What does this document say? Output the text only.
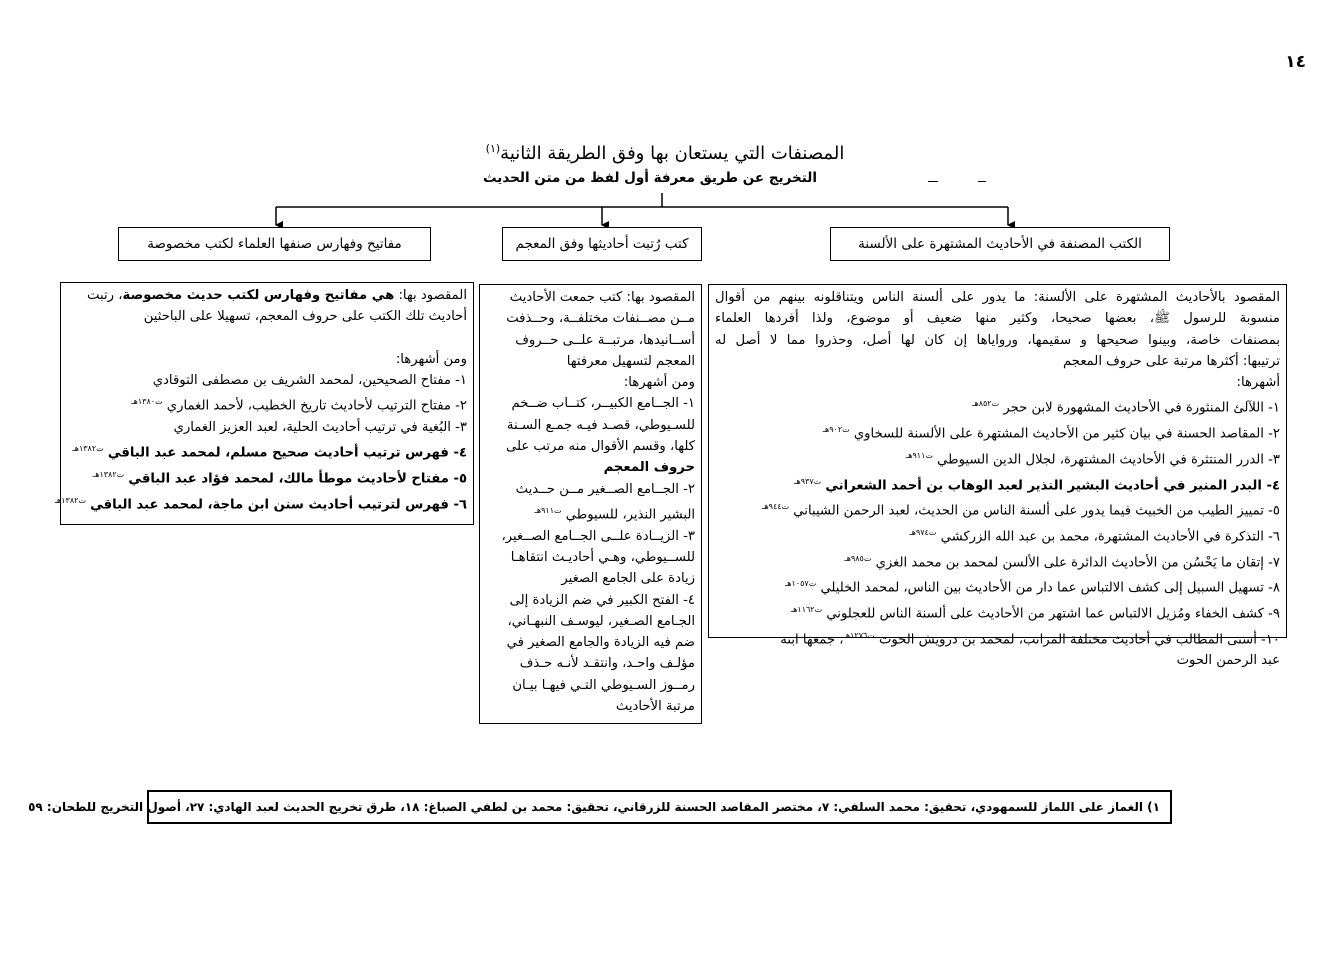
١٤
المصنفات التي يستعان بها وفق الطريقة الثانية$^{(١)}$
التخريج عن طريق معرفة أول لفظ من متن الحديث
الكتب المصنفة في الأحاديث المشتهرة على الألسنة
كتب رُتبت أحاديثها وفق المعجم
مفاتيح وفهارس صنفها العلماء لكتب مخصوصة
المقصود بالأحاديث المشتهرة على الألسنة: ما يدور على ألسنة الناس ويتناقلونه بينهم من أقوال
منسوبة للرسول ﷺ، بعضها صحيحا، وكثير منها ضعيف أو موضوع، ولذا أفردها العلماء
بمصنفات خاصة، وبينوا صحيحها و سقيمها، ورواياها إن كان لها أصل، وحذروا مما لا أصل له
ترتيبها: أكثرها مرتبة على حروف المعجم
أشهرها:
١- اللآلئ المنثورة في الأحاديث المشهورة لابن حجر $^{ت٨٥٢هـ}$
٢- المقاصد الحسنة في بيان كثير من الأحاديث المشتهرة على الألسنة للسخاوي $^{ت٩٠٢هـ}$
٣- الدرر المنتثرة في الأحاديث المشتهرة، لجلال الدين السيوطي $^{ت٩١١هـ}$
٤- البدر المنير في أحاديث البشير النذير لعبد الوهاب بن أحمد الشعراني $^{ت٩٣٧هـ}$
٥- تمييز الطيب من الخبيث فيما يدور على ألسنة الناس من الحديث، لعبد الرحمن الشيباني $^{ت٩٤٤هـ}$
٦- التذكرة في الأحاديث المشتهرة، محمد بن عبد الله الزركشي $^{ت٩٧٤هـ}$
٧- إتقان ما يَحْسُن من الأحاديث الدائرة على الألسن لمحمد بن محمد الغزي $^{ت٩٨٥هـ}$
٨- تسهيل السبيل إلى كشف الالتباس عما دار من الأحاديث بين الناس، لمحمد الخليلي $^{ت١٠٥٧هـ}$
٩- كشف الخفاء ومُزيل الالتباس عما اشتهر من الأحاديث على ألسنة الناس للعجلوني $^{ت١١٦٢هـ}$
١٠- أسنى المطالب في أحاديث مختلفة المراتب، لمحمد بن درويش الحوت $^{ت١٢٧٦هـ}$، جمعها ابنه
عبد الرحمن الحوت
المقصود بها: كتب جمعت الأحاديث
مــن مصــنفات مختلفــة، وحــذفت
أســانيدها، مرتبــة علــى حــروف
المعجم لتسهيل معرفتها
ومن أشهرها:
١- الجــامع الكبيــر، كتــاب ضــخم
للسـيوطي، قصـد فيـه جمـع السـنة
كلها، وقسم الأقوال منه مرتب على
حروف المعجم
٢- الجــامع الصــغير مــن حــديث
البشير النذير، للسيوطي $^{ت٩١١هـ}$
٣- الزيــادة علــى الجــامع الصــغير،
للســيوطي، وهـي أحاديـث انتقاهـا
زيادة على الجامع الصغير
٤- الفتح الكبير في ضم الزيادة إلى
الجـامع الصـغير، ليوسـف النبهـاني،
ضم فيه الزيادة والجامع الصغير في
مؤلـف واحـد، وانتقـد لأنـه حـذف
رمــوز السـيوطي التـي فيهـا بيـان
مرتبة الأحاديث
المقصود بها: هي مفاتيح وفهارس لكتب حديث مخصوصة، رتبت
أحاديث تلك الكتب على حروف المعجم، تسهيلا على الباحثين
ومن أشهرها:
١- مفتاح الصحيحين، لمحمد الشريف بن مصطفى التوقادي
٢- مفتاح الترتيب لأحاديث تاريخ الخطيب، لأحمد الغماري $^{ت١٣٨٠هـ}$
٣- البُغية في ترتيب أحاديث الحلية، لعبد العزيز الغماري
٤- فهرس ترتيب أحاديث صحيح مسلم، لمحمد عبد الباقي $^{ت١٣٨٢هـ}$
٥- مفتاح لأحاديث موطأ مالك، لمحمد فؤاد عبد الباقي $^{ت١٣٨٢هـ}$
٦- فهرس لترتيب أحاديث سنن ابن ماجة، لمحمد عبد الباقي $^{ت١٣٨٢هـ}$
١) الغماز على اللماز للسمهودي، تحقيق: محمد السلفي: ٧، مختصر المقاصد الحسنة للزرقاني، تحقيق: محمد بن لطفي الصباغ: ١٨، طرق تخريج الحديث لعبد الهادي: ٢٧، أصول التخريج للطحان: ٥٩
